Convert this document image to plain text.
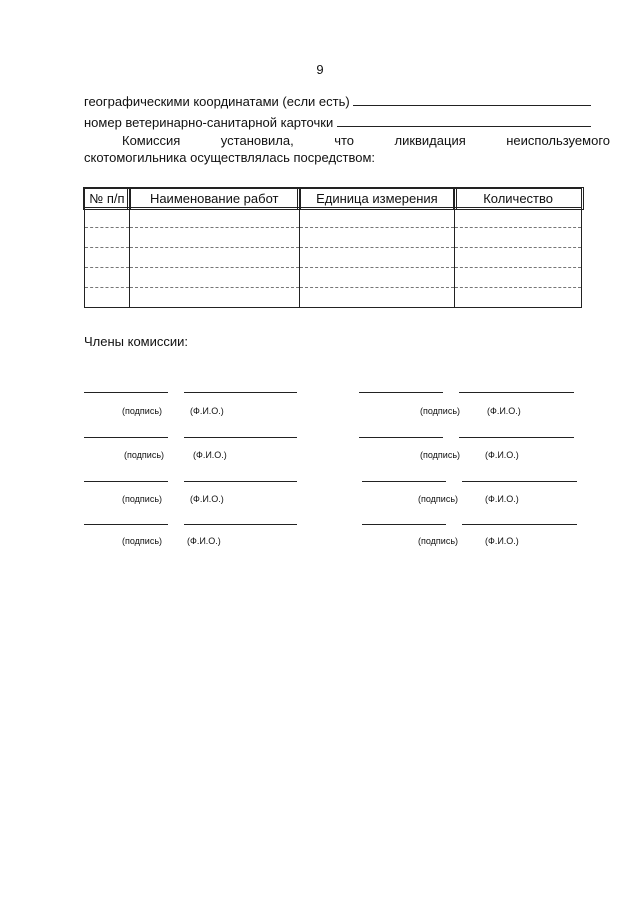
9
географическими координатами (если есть)
номер ветеринарно-санитарной карточки
Комиссия	установила,	что	ликвидация	неиспользуемого
скотомогильника осуществлялась посредством:
№ п/п	Наименование работ	Единица измерения	Количество

Члены комиссии:
(подпись)	(Ф.И.О.)	(подпись)	(Ф.И.О.)
(подпись)	(Ф.И.О.)	(подпись)	(Ф.И.О.)
(подпись)	(Ф.И.О.)	(подпись)	(Ф.И.О.)
(подпись)	(Ф.И.О.)	(подпись)	(Ф.И.О.)
